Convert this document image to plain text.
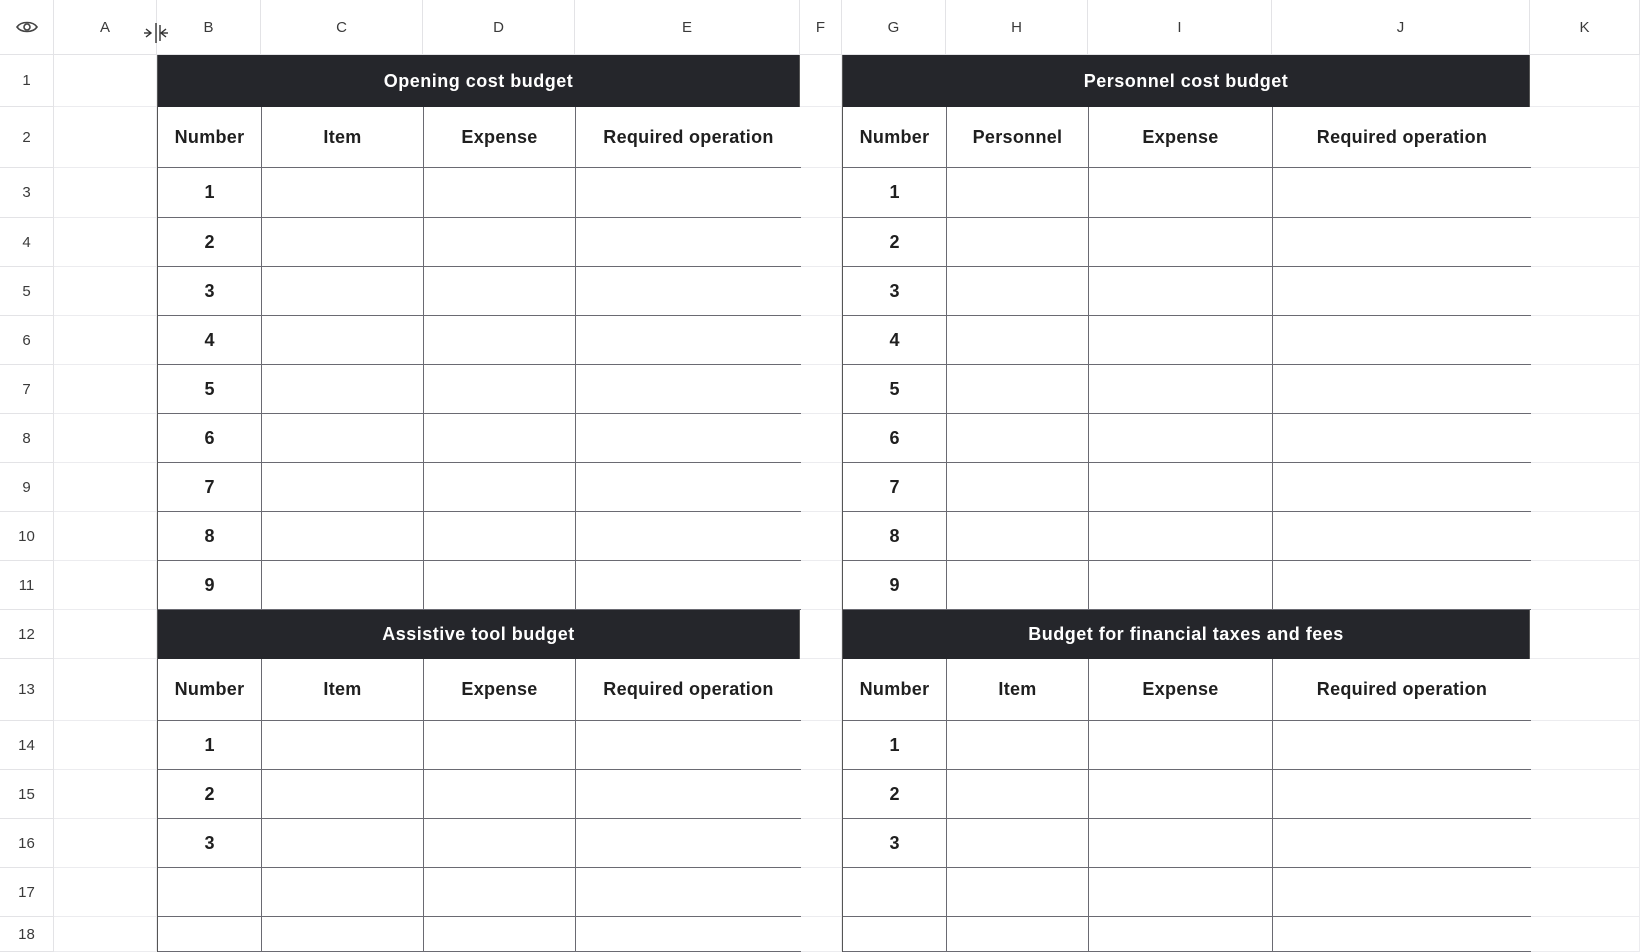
A	B	C	D	E	F	G	H	I	J	K
1
2
3
4
5
6
7
8
9
10
11
12
13
14
15
16
17
18
Opening cost budget
Number	Item	Expense	Required operation
1
2
3
4
5
6
7
8
9
Personnel cost budget
Number	Personnel	Expense	Required operation
1
2
3
4
5
6
7
8
9
Assistive tool budget
Number	Item	Expense	Required operation
1
2
3
Budget for financial taxes and fees
Number	Item	Expense	Required operation
1
2
3
